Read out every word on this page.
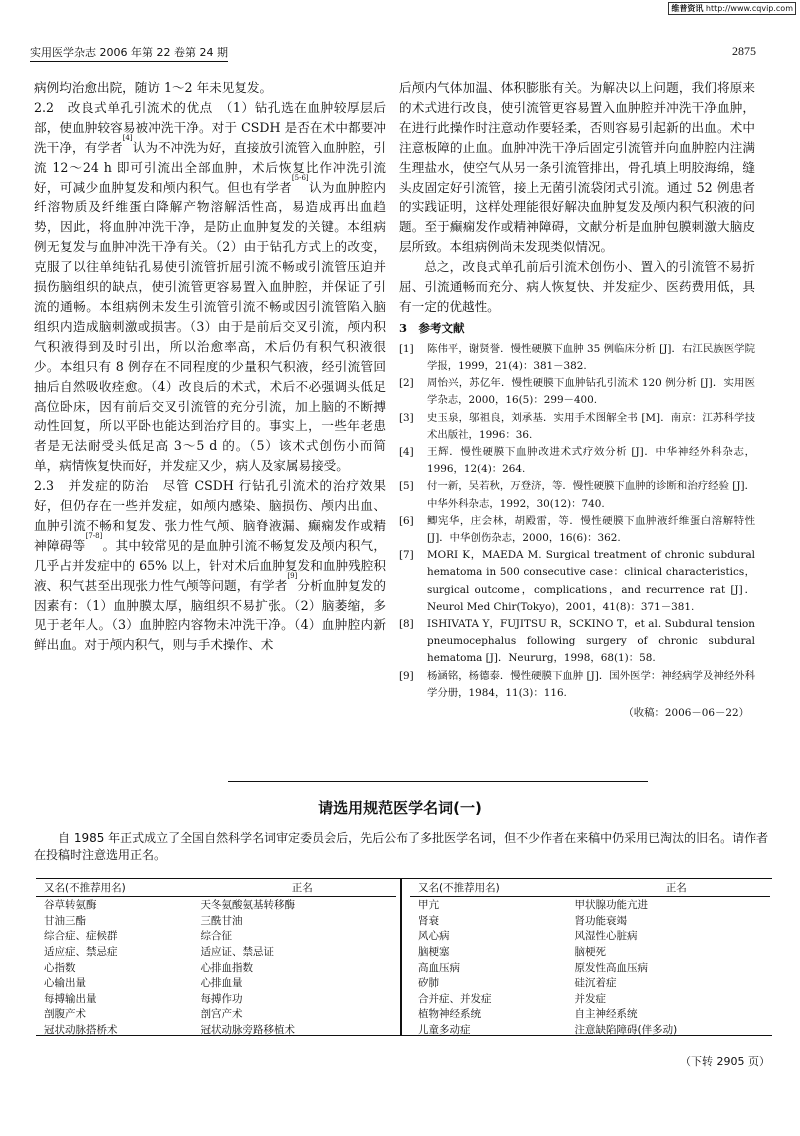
维普资讯 http://www.cqvip.com
实用医学杂志 2006 年第 22 卷第 24 期	2875

病例均治愈出院，随访 1～2 年未见复发。

2.2　改良式单孔引流术的优点　 （1）钻孔选在血肿较厚层后部，使血肿较容易被冲洗干净。对于 CSDH 是否在术中都要冲洗干净，有学者[4]认为不冲洗为好，直接放引流管入血肿腔，引流 12～24 h 即可引流出全部血肿，术后恢复比作冲洗引流好，可减少血肿复发和颅内积气。但也有学者[5-6]认为血肿腔内纤溶物质及纤维蛋白降解产物溶解活性高，易造成再出血趋势，因此，将血肿冲洗干净，是防止血肿复发的关键。本组病例无复发与血肿冲洗干净有关。（2）由于钻孔方式上的改变，克服了以往单纯钻孔易使引流管折屈引流不畅或引流管压迫并损伤脑组织的缺点，使引流管更容易置入血肿腔，并保证了引流的通畅。本组病例未发生引流管引流不畅或因引流管陷入脑组织内造成脑刺激或损害。（3）由于是前后交叉引流，颅内积气积液得到及时引出，所以治愈率高，术后仍有积气积液很少。本组只有 8 例存在不同程度的少量积气积液，经引流管回抽后自然吸收痊愈。（4）改良后的术式，术后不必强调头低足高位卧床，因有前后交叉引流管的充分引流，加上脑的不断搏动性回复，所以平卧也能达到治疗目的。事实上，一些年老患者是无法耐受头低足高 3～5 d 的。（5）该术式创伤小而简单，病情恢复快而好，并发症又少，病人及家属易接受。

2.3　并发症的防治　尽管 CSDH 行钻孔引流术的治疗效果好，但仍存在一些并发症，如颅内感染、脑损伤、颅内出血、血肿引流不畅和复发、张力性气颅、脑脊液漏、癫痫发作或精神障碍等[7-8]。其中较常见的是血肿引流不畅复发及颅内积气，几乎占并发症中的 65% 以上，针对术后血肿复发和血肿残腔积液、积气甚至出现张力性气颅等问题，有学者[9]分析血肿复发的因素有：（1）血肿膜太厚，脑组织不易扩张。（2）脑萎缩，多见于老年人。（3）血肿腔内容物未冲洗干净。（4）血肿腔内新鲜出血。对于颅内积气，则与手术操作、术

后颅内气体加温、体积膨胀有关。为解决以上问题，我们将原来的术式进行改良，使引流管更容易置入血肿腔并冲洗干净血肿，在进行此操作时注意动作要轻柔，否则容易引起新的出血。术中注意板障的止血。血肿冲洗干净后固定引流管并向血肿腔内注满生理盐水，使空气从另一条引流管排出，骨孔填上明胶海绵，缝头皮固定好引流管，接上无菌引流袋闭式引流。通过 52 例患者的实践证明，这样处理能很好解决血肿复发及颅内积气积液的问题。至于癫痫发作或精神障碍，文献分析是血肿包膜刺激大脑皮层所致。本组病例尚未发现类似情况。

总之，改良式单孔前后引流术创伤小、置入的引流管不易折屈、引流通畅而充分、病人恢复快、并发症少、医药费用低，具有一定的优越性。

3　参考文献
[1] 陈伟平，谢贤誉．慢性硬膜下血肿 35 例临床分析 [J]．右江民族医学院学报，1999，21(4)：381－382.
[2] 周怡兴，苏亿年．慢性硬膜下血肿钻孔引流术 120 例分析 [J]．实用医学杂志，2000，16(5)：299－400.
[3] 史玉泉，邬祖良，刘承基．实用手术图解全书 [M]．南京：江苏科学技术出版社，1996：36.
[4] 王辉．慢性硬膜下血肿改进术式疗效分析 [J]．中华神经外科杂志，1996，12(4)：264.
[5] 付一新，吴若秋，万登济，等．慢性硬膜下血肿的诊断和治疗经验 [J]．中华外科杂志，1992，30(12)：740.
[6] 鲫宪华，庄会林，胡殿雷，等．慢性硬膜下血肿液纤维蛋白溶解特性 [J]．中华创伤杂志，2000，16(6)：362.
[7] MORI K，MAEDA M. Surgical treatment of chronic subdural hematoma in 500 consecutive case：clinical characteristics，surgical outcome，complications，and recurrence rat [J]．Neurol Med Chir(Tokyo)，2001，41(8)：371－381.
[8] ISHIVATA Y，FUJITSU R，SCKINO T，et al. Subdural tension pneumocephalus following surgery of chronic subdural hematoma [J]．Neururg，1998，68(1)：58.
[9] 杨涵铭，杨德泰．慢性硬膜下血肿 [J]．国外医学：神经病学及神经外科学分册，1984，11(3)：116.
（收稿：2006－06－22）
请选用规范医学名词(一)
自 1985 年正式成立了全国自然科学名词审定委员会后，先后公布了多批医学名词，但不少作者在来稿中仍采用已淘汰的旧名。请作者在投稿时注意选用正名。
又名(不推荐用名)	正名
谷草转氨酶	天冬氨酸氨基转移酶
甘油三酯	三酰甘油
综合症、症候群	综合征
适应症、禁忌症	适应证、禁忌证
心指数	心排血指数
心输出量	心排血量
每搏输出量	每搏作功
剖腹产术	剖宫产术
冠状动脉搭桥术	冠状动脉旁路移植术
又名(不推荐用名)	正名
甲亢	甲状腺功能亢进
肾衰	肾功能衰竭
风心病	风湿性心脏病
脑梗塞	脑梗死
高血压病	原发性高血压病
矽肺	硅沉着症
合并症、并发症	并发症
植物神经系统	自主神经系统
儿童多动症	注意缺陷障碍(伴多动)
（下转 2905 页）
